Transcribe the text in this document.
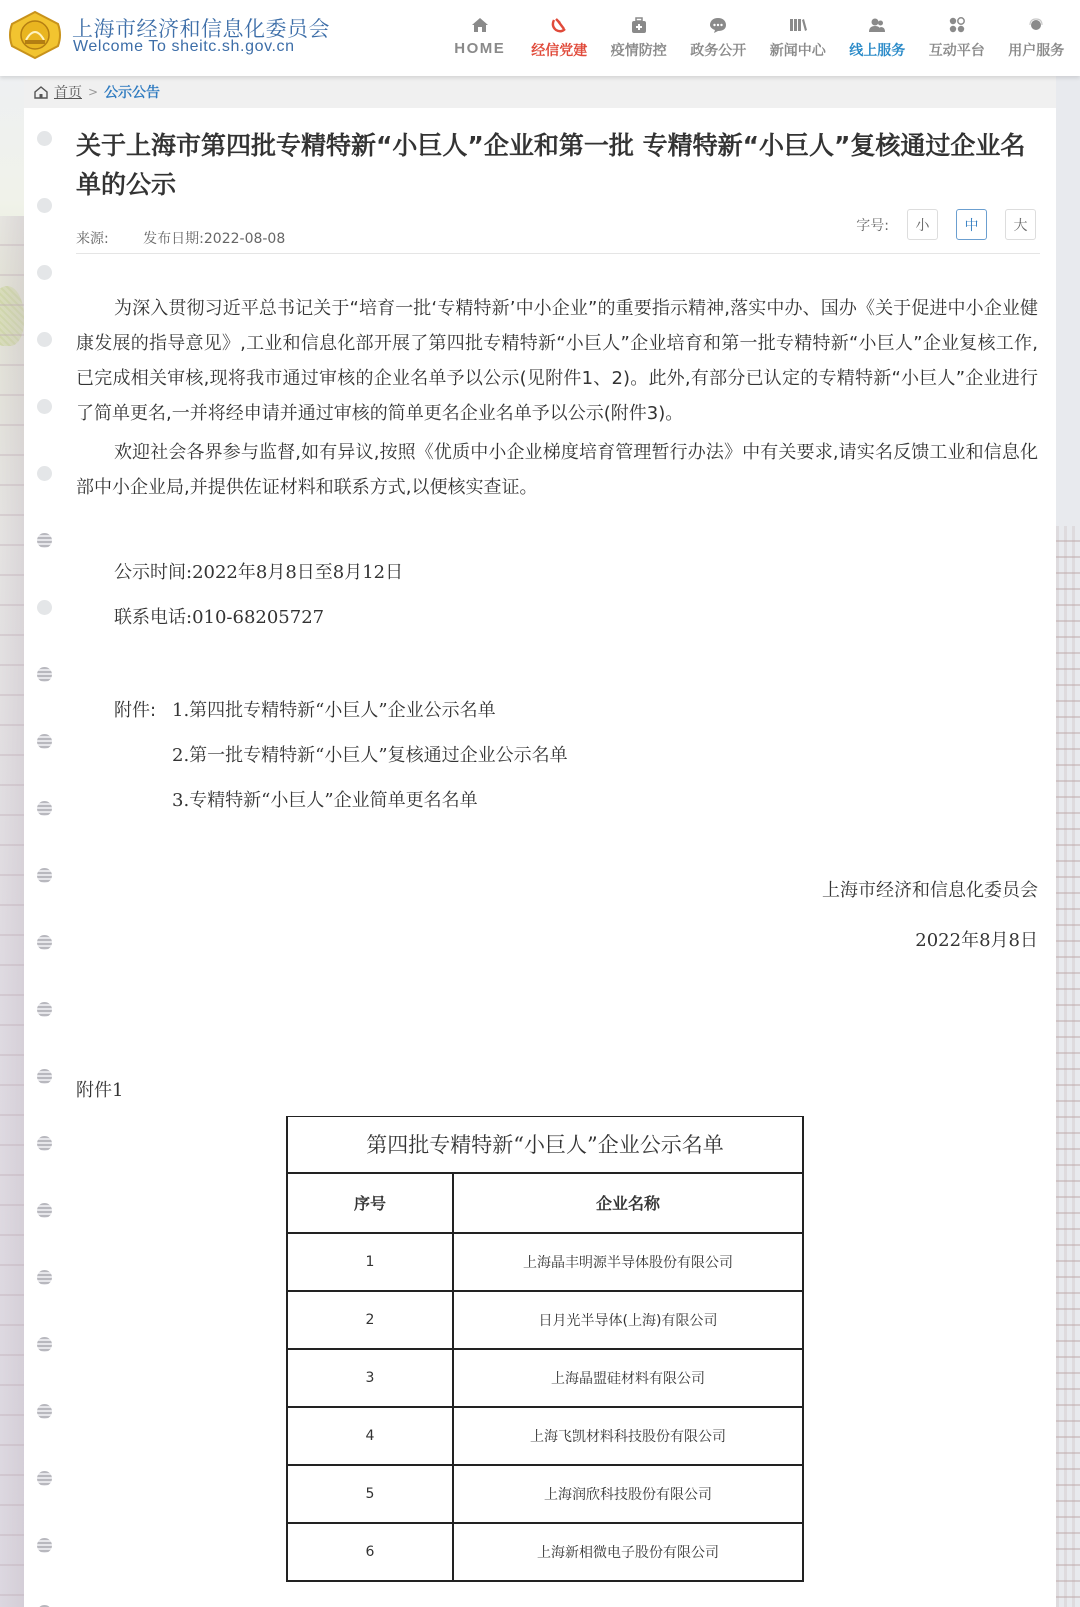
上海市经济和信息化委员会
Welcome To sheitc.sh.gov.cn	HOME	经信党建	疫情防控	政务公开	新闻中心	线上服务	互动平台	用户服务
首页 > 公示公告
关于上海市第四批专精特新“小巨人”企业和第一批 专精特新“小巨人”复核通过企业名单的公示
来源: 发布日期:2022-08-08
字号:	小	中	大

为深入贯彻习近平总书记关于“培育一批‘专精特新’中小企业”的重要指示精神,落实中办、国办《关于促进中小企业健康发展的指导意见》,工业和信息化部开展了第四批专精特新“小巨人”企业培育和第一批专精特新“小巨人”企业复核工作,已完成相关审核,现将我市通过审核的企业名单予以公示(见附件1、2)。此外,有部分已认定的专精特新“小巨人”企业进行了简单更名,一并将经申请并通过审核的简单更名企业名单予以公示(附件3)。

欢迎社会各界参与监督,如有异议,按照《优质中小企业梯度培育管理暂行办法》中有关要求,请实名反馈工业和信息化部中小企业局,并提供佐证材料和联系方式,以便核实查证。

公示时间:2022年8月8日至8月12日
联系电话:010-68205727
附件: 1.第四批专精特新“小巨人”企业公示名单
2.第一批专精特新“小巨人”复核通过企业公示名单
3.专精特新“小巨人”企业简单更名名单
上海市经济和信息化委员会
2022年8月8日
附件1
第四批专精特新“小巨人”企业公示名单	
序号	企业名称
1	上海晶丰明源半导体股份有限公司
2	日月光半导体(上海)有限公司
3	上海晶盟硅材料有限公司
4	上海飞凯材料科技股份有限公司
5	上海润欣科技股份有限公司
6	上海新相微电子股份有限公司
